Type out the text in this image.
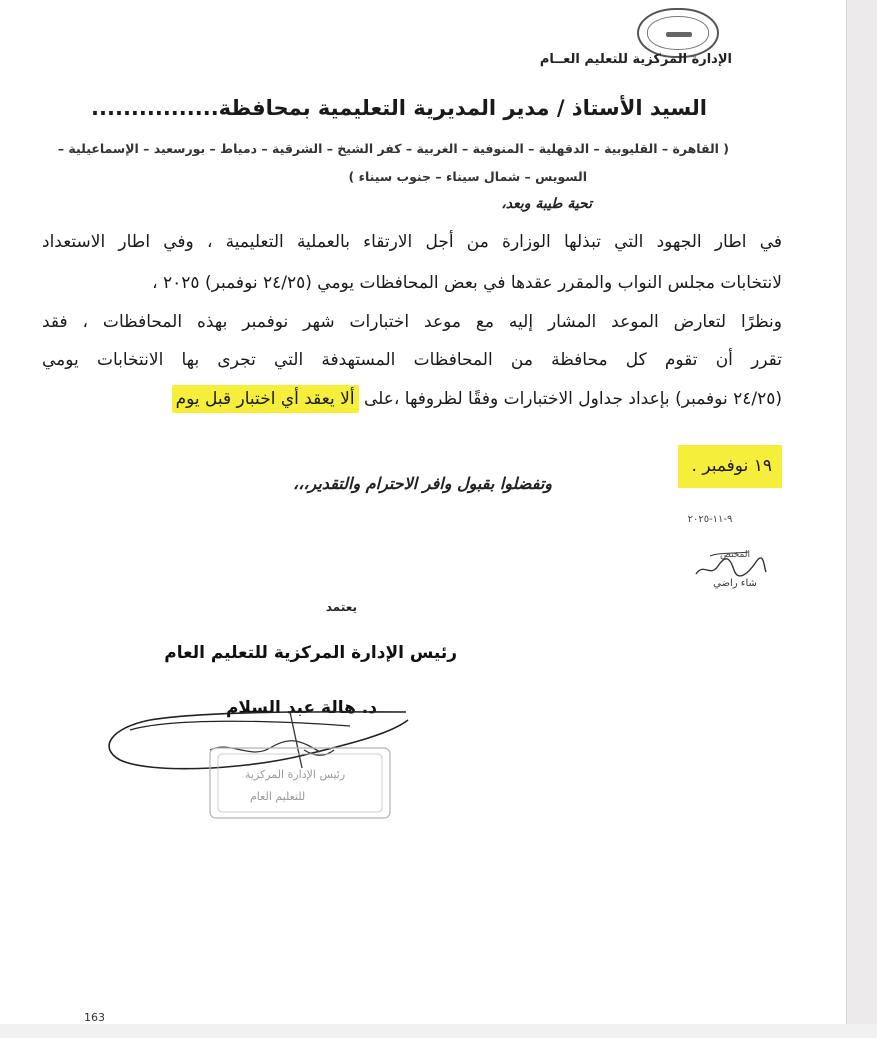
الإدارة المركزية للتعليم العــام
السيد الأستاذ / مدير المديرية التعليمية بمحافظة................
( القاهرة – القليوبية – الدقهلية – المنوفية – الغربية – كفر الشيخ – الشرقية – دمياط – بورسعيد – الإسماعيلية –
السويس – شمال سيناء – جنوب سيناء )
تحية طيبة وبعد،
في اطار الجهود التي تبذلها الوزارة من أجل الارتقاء بالعملية التعليمية ، وفي اطار الاستعداد
لانتخابات مجلس النواب والمقرر عقدها في بعض المحافظات يومي (٢٤/٢٥ نوفمبر) ٢٠٢٥ ،
ونظرًا لتعارض الموعد المشار إليه مع موعد اختبارات شهر نوفمبر بهذه المحافظات ، فقد
تقرر أن تقوم كل محافظة من المحافظات المستهدفة التي تجرى بها الانتخابات يومي
(٢٤/٢٥ نوفمبر) بإعداد جداول الاختبارات وفقًا لظروفها ،على ألا يعقد أي اختبار قبل يوم
١٩ نوفمبر .
وتفضلوا بقبول وافر الاحترام والتقدير،،،
٩-١١-٢٠٢٥
المختص
شاء راضي
يعتمد
رئيس الإدارة المركزية للتعليم العام
د. هالة عبد السلام
رئيس الإدارة المركزية
للتعليم العام
163
